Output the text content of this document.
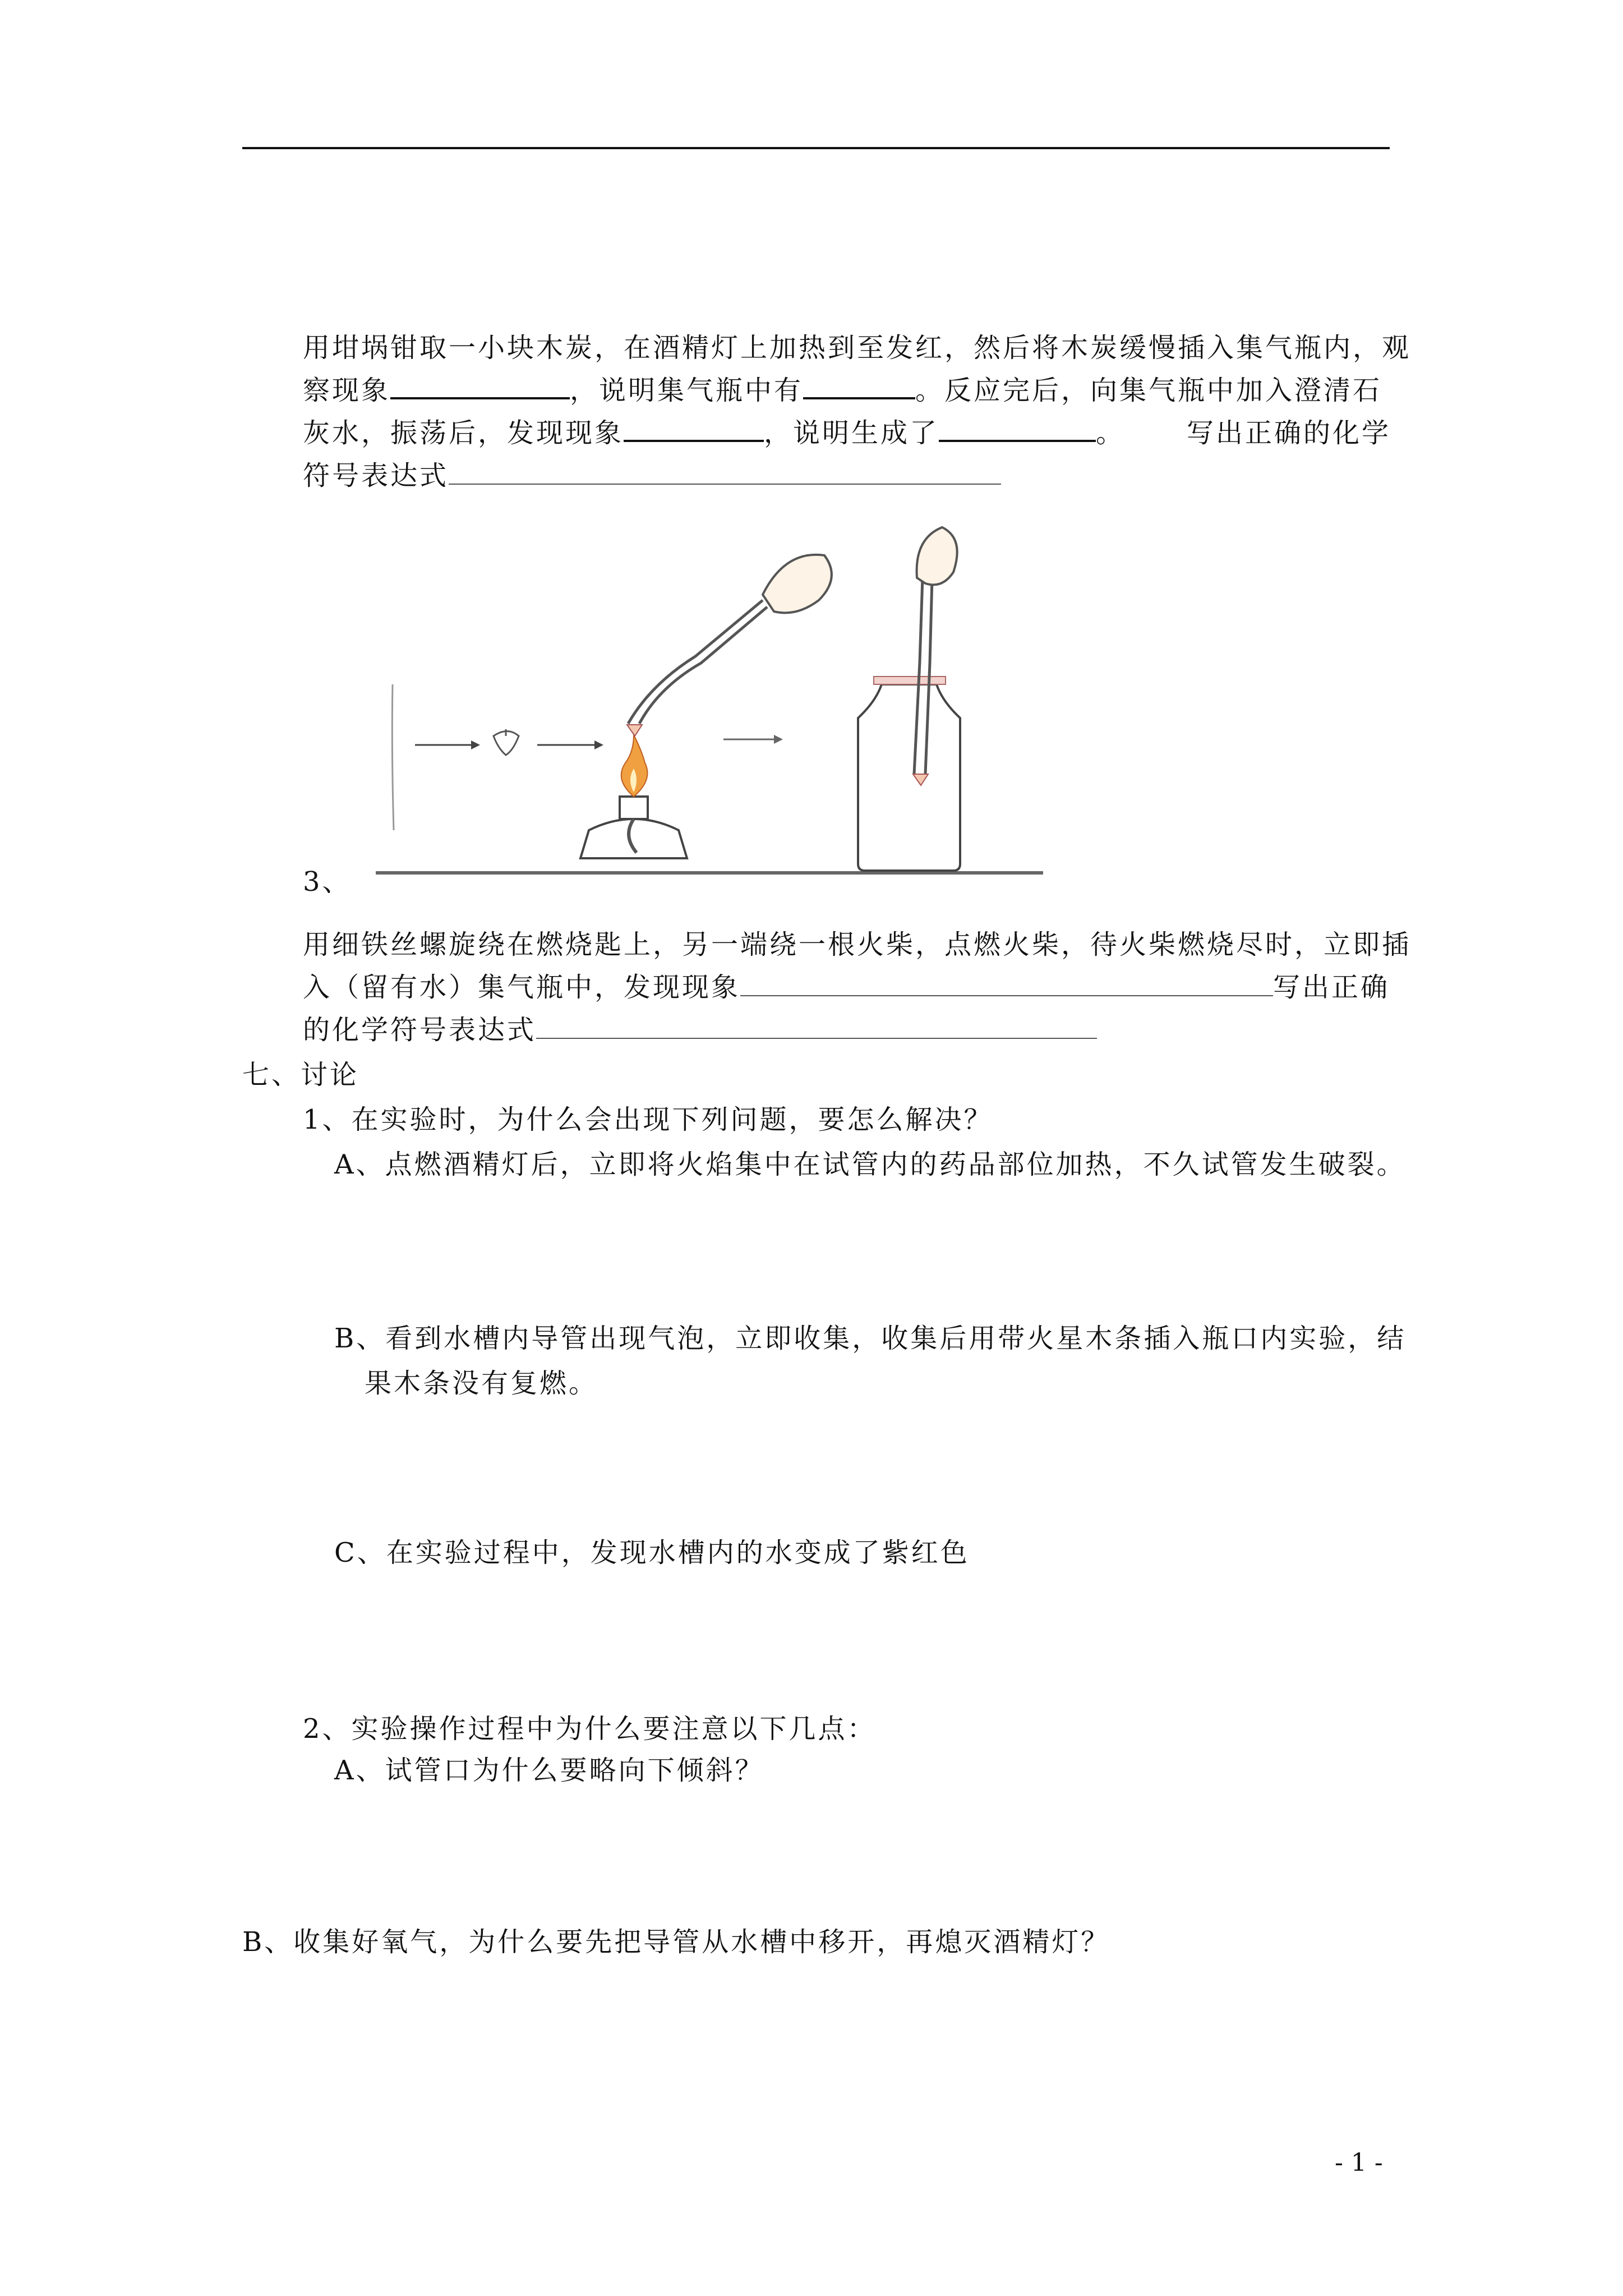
用坩埚钳取一小块木炭，在酒精灯上加热到至发红，然后将木炭缓慢插入集气瓶内，观
察现象	，说明集气瓶中有	。反应完后，向集气瓶中加入澄清石
灰水，振荡后，发现现象	，说明生成了	。 写出正确的化学
符号表达式
3、
用细铁丝螺旋绕在燃烧匙上，另一端绕一根火柴，点燃火柴，待火柴燃烧尽时，立即插
入（留有水）集气瓶中，发现现象	写出正确
的化学符号表达式
七、讨论
1、在实验时，为什么会出现下列问题，要怎么解决？
A、点燃酒精灯后，立即将火焰集中在试管内的药品部位加热，不久试管发生破裂。
B、看到水槽内导管出现气泡，立即收集，收集后用带火星木条插入瓶口内实验，结
果木条没有复燃。
C、在实验过程中，发现水槽内的水变成了紫红色
2、实验操作过程中为什么要注意以下几点：
A、试管口为什么要略向下倾斜？
B、收集好氧气，为什么要先把导管从水槽中移开，再熄灭酒精灯？
- 1 -
